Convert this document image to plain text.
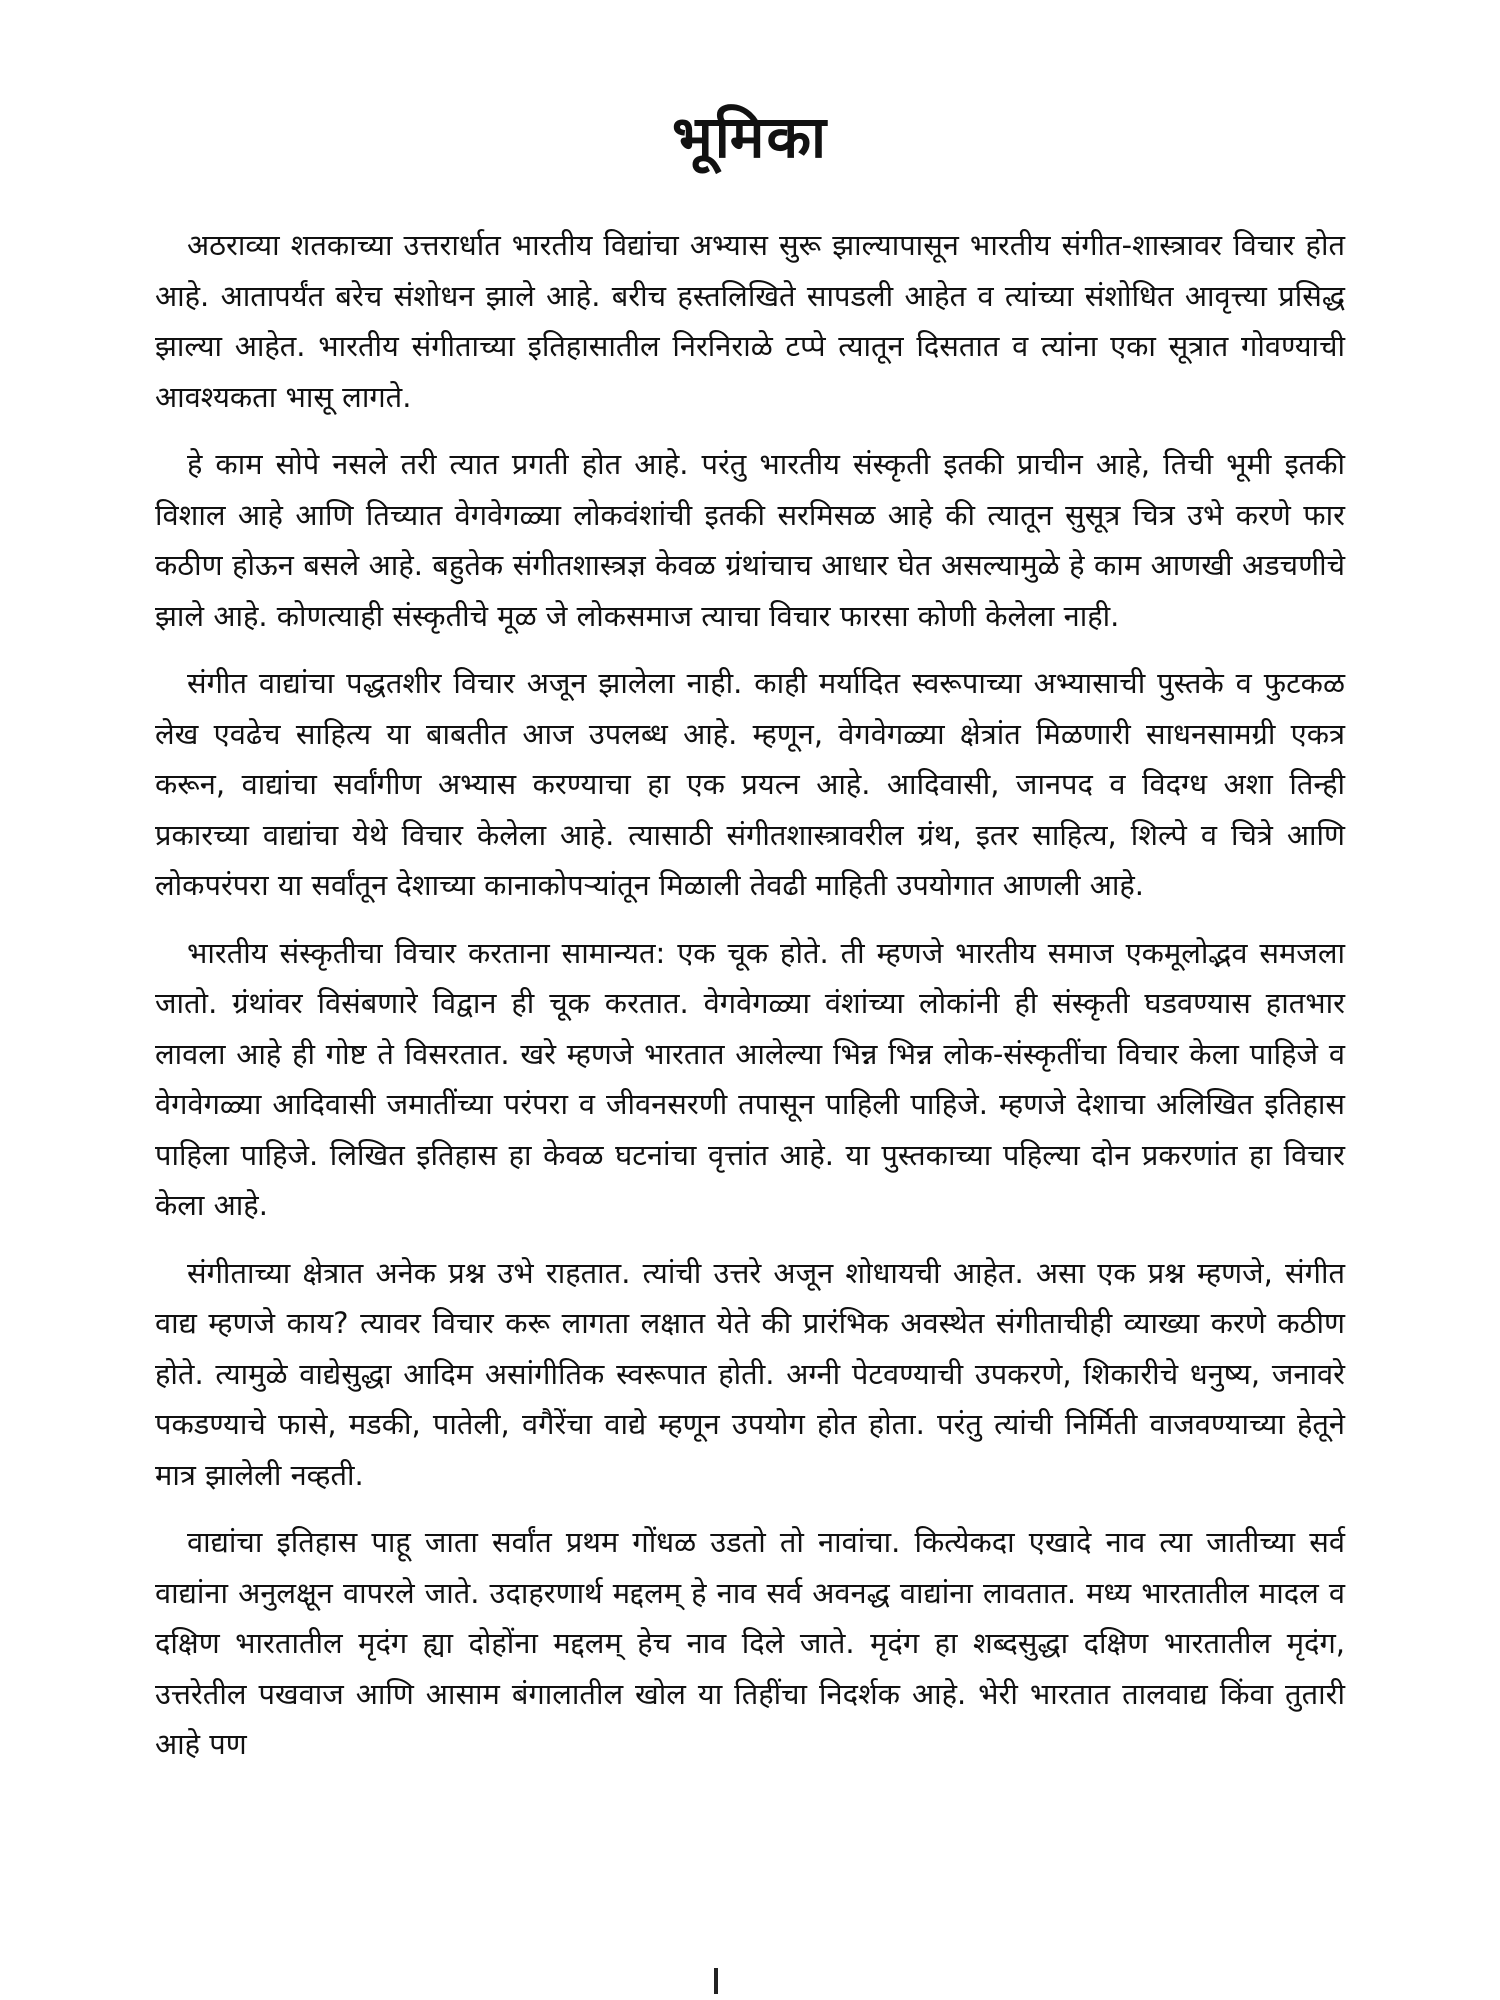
भूमिका

अठराव्या शतकाच्या उत्तरार्धात भारतीय विद्यांचा अभ्यास सुरू झाल्यापासून भारतीय संगीत-शास्त्रावर विचार होत आहे. आतापर्यंत बरेच संशोधन झाले आहे. बरीच हस्तलिखिते सापडली आहेत व त्यांच्या संशोधित आवृत्त्या प्रसिद्ध झाल्या आहेत. भारतीय संगीताच्या इतिहासातील निरनिराळे टप्पे त्यातून दिसतात व त्यांना एका सूत्रात गोवण्याची आवश्यकता भासू लागते.

हे काम सोपे नसले तरी त्यात प्रगती होत आहे. परंतु भारतीय संस्कृती इतकी प्राचीन आहे, तिची भूमी इतकी विशाल आहे आणि तिच्यात वेगवेगळ्या लोकवंशांची इतकी सरमिसळ आहे की त्यातून सुसूत्र चित्र उभे करणे फार कठीण होऊन बसले आहे. बहुतेक संगीतशास्त्रज्ञ केवळ ग्रंथांचाच आधार घेत असल्यामुळे हे काम आणखी अडचणीचे झाले आहे. कोणत्याही संस्कृतीचे मूळ जे लोकसमाज त्याचा विचार फारसा कोणी केलेला नाही.

संगीत वाद्यांचा पद्धतशीर विचार अजून झालेला नाही. काही मर्यादित स्वरूपाच्या अभ्यासाची पुस्तके व फुटकळ लेख एवढेच साहित्य या बाबतीत आज उपलब्ध आहे. म्हणून, वेगवेगळ्या क्षेत्रांत मिळणारी साधनसामग्री एकत्र करून, वाद्यांचा सर्वांगीण अभ्यास करण्याचा हा एक प्रयत्न आहे. आदिवासी, जानपद व विदग्ध अशा तिन्ही प्रकारच्या वाद्यांचा येथे विचार केलेला आहे. त्यासाठी संगीतशास्त्रावरील ग्रंथ, इतर साहित्य, शिल्पे व चित्रे आणि लोकपरंपरा या सर्वांतून देशाच्या कानाकोपऱ्यांतून मिळाली तेवढी माहिती उपयोगात आणली आहे.

भारतीय संस्कृतीचा विचार करताना सामान्यत: एक चूक होते. ती म्हणजे भारतीय समाज एकमूलोद्भव समजला जातो. ग्रंथांवर विसंबणारे विद्वान ही चूक करतात. वेगवेगळ्या वंशांच्या लोकांनी ही संस्कृती घडवण्यास हातभार लावला आहे ही गोष्ट ते विसरतात. खरे म्हणजे भारतात आलेल्या भिन्न भिन्न लोक-संस्कृतींचा विचार केला पाहिजे व वेगवेगळ्या आदिवासी जमातींच्या परंपरा व जीवनसरणी तपासून पाहिली पाहिजे. म्हणजे देशाचा अलिखित इतिहास पाहिला पाहिजे. लिखित इतिहास हा केवळ घटनांचा वृत्तांत आहे. या पुस्तकाच्या पहिल्या दोन प्रकरणांत हा विचार केला आहे.

संगीताच्या क्षेत्रात अनेक प्रश्न उभे राहतात. त्यांची उत्तरे अजून शोधायची आहेत. असा एक प्रश्न म्हणजे, संगीत वाद्य म्हणजे काय? त्यावर विचार करू लागता लक्षात येते की प्रारंभिक अवस्थेत संगीताचीही व्याख्या करणे कठीण होते. त्यामुळे वाद्येसुद्धा आदिम असांगीतिक स्वरूपात होती. अग्नी पेटवण्याची उपकरणे, शिकारीचे धनुष्य, जनावरे पकडण्याचे फासे, मडकी, पातेली, वगैरेंचा वाद्ये म्हणून उपयोग होत होता. परंतु त्यांची निर्मिती वाजवण्याच्या हेतूने मात्र झालेली नव्हती.

वाद्यांचा इतिहास पाहू जाता सर्वांत प्रथम गोंधळ उडतो तो नावांचा. कित्येकदा एखादे नाव त्या जातीच्या सर्व वाद्यांना अनुलक्षून वापरले जाते. उदाहरणार्थ मद्दलम् हे नाव सर्व अवनद्ध वाद्यांना लावतात. मध्य भारतातील मादल व दक्षिण भारतातील मृदंग ह्या दोहोंना मद्दलम् हेच नाव दिले जाते. मृदंग हा शब्दसुद्धा दक्षिण भारतातील मृदंग, उत्तरेतील पखवाज आणि आसाम बंगालातील खोल या तिहींचा निदर्शक आहे. भेरी भारतात तालवाद्य किंवा तुतारी आहे पण
